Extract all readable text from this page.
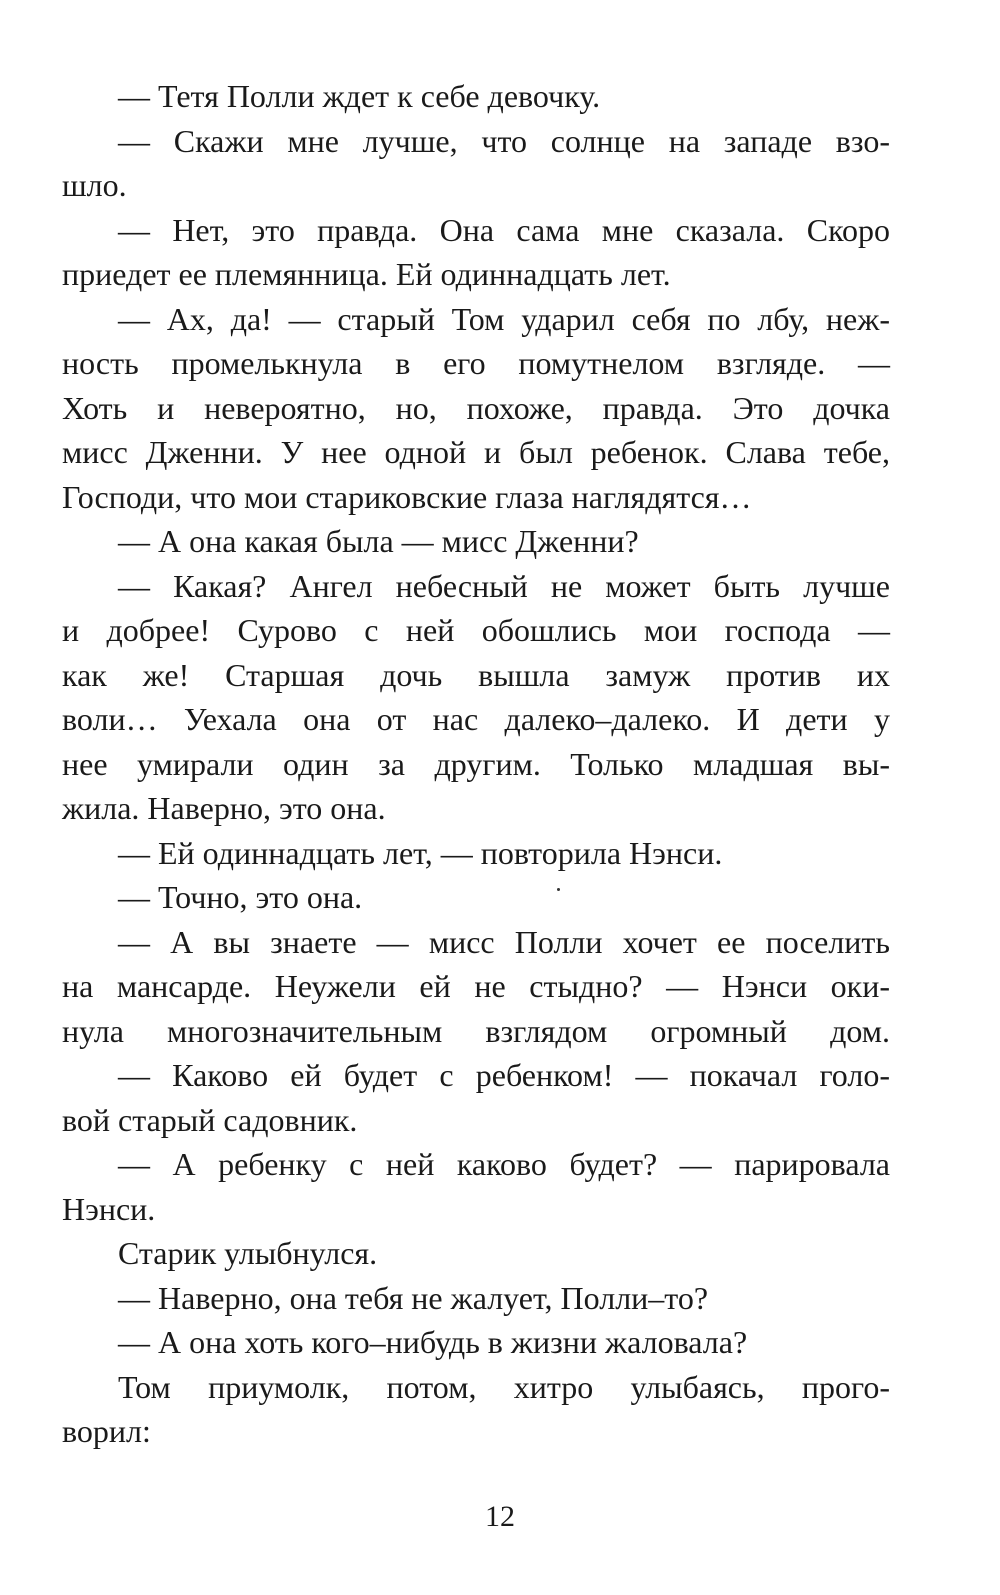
— Тетя Полли ждет к себе девочку.
— Скажи мне лучше, что солнце на западе взо-
шло.
— Нет, это правда. Она сама мне сказала. Скоро
приедет ее племянница. Ей одиннадцать лет.
— Ах, да! — старый Том ударил себя по лбу, неж-
ность промелькнула в его помутнелом взгляде. —
Хоть и невероятно, но, похоже, правда. Это дочка
мисс Дженни. У нее одной и был ребенок. Слава тебе,
Господи, что мои стариковские глаза наглядятся…
— А она какая была — мисс Дженни?
— Какая? Ангел небесный не может быть лучше
и добрее! Сурово с ней обошлись мои господа —
как же! Старшая дочь вышла замуж против их
воли… Уехала она от нас далеко–далеко. И дети у
нее умирали один за другим. Только младшая вы-
жила. Наверно, это она.
— Ей одиннадцать лет, — повторила Нэнси.
— Точно, это она.
— А вы знаете — мисс Полли хочет ее поселить
на мансарде. Неужели ей не стыдно? — Нэнси оки-
нула многозначительным взглядом огромный дом.
— Каково ей будет с ребенком! — покачал голо-
вой старый садовник.
— А ребенку с ней каково будет? — парировала
Нэнси.
Старик улыбнулся.
— Наверно, она тебя не жалует, Полли–то?
— А она хоть кого–нибудь в жизни жаловала?
Том приумолк, потом, хитро улыбаясь, прого-
ворил:
12
